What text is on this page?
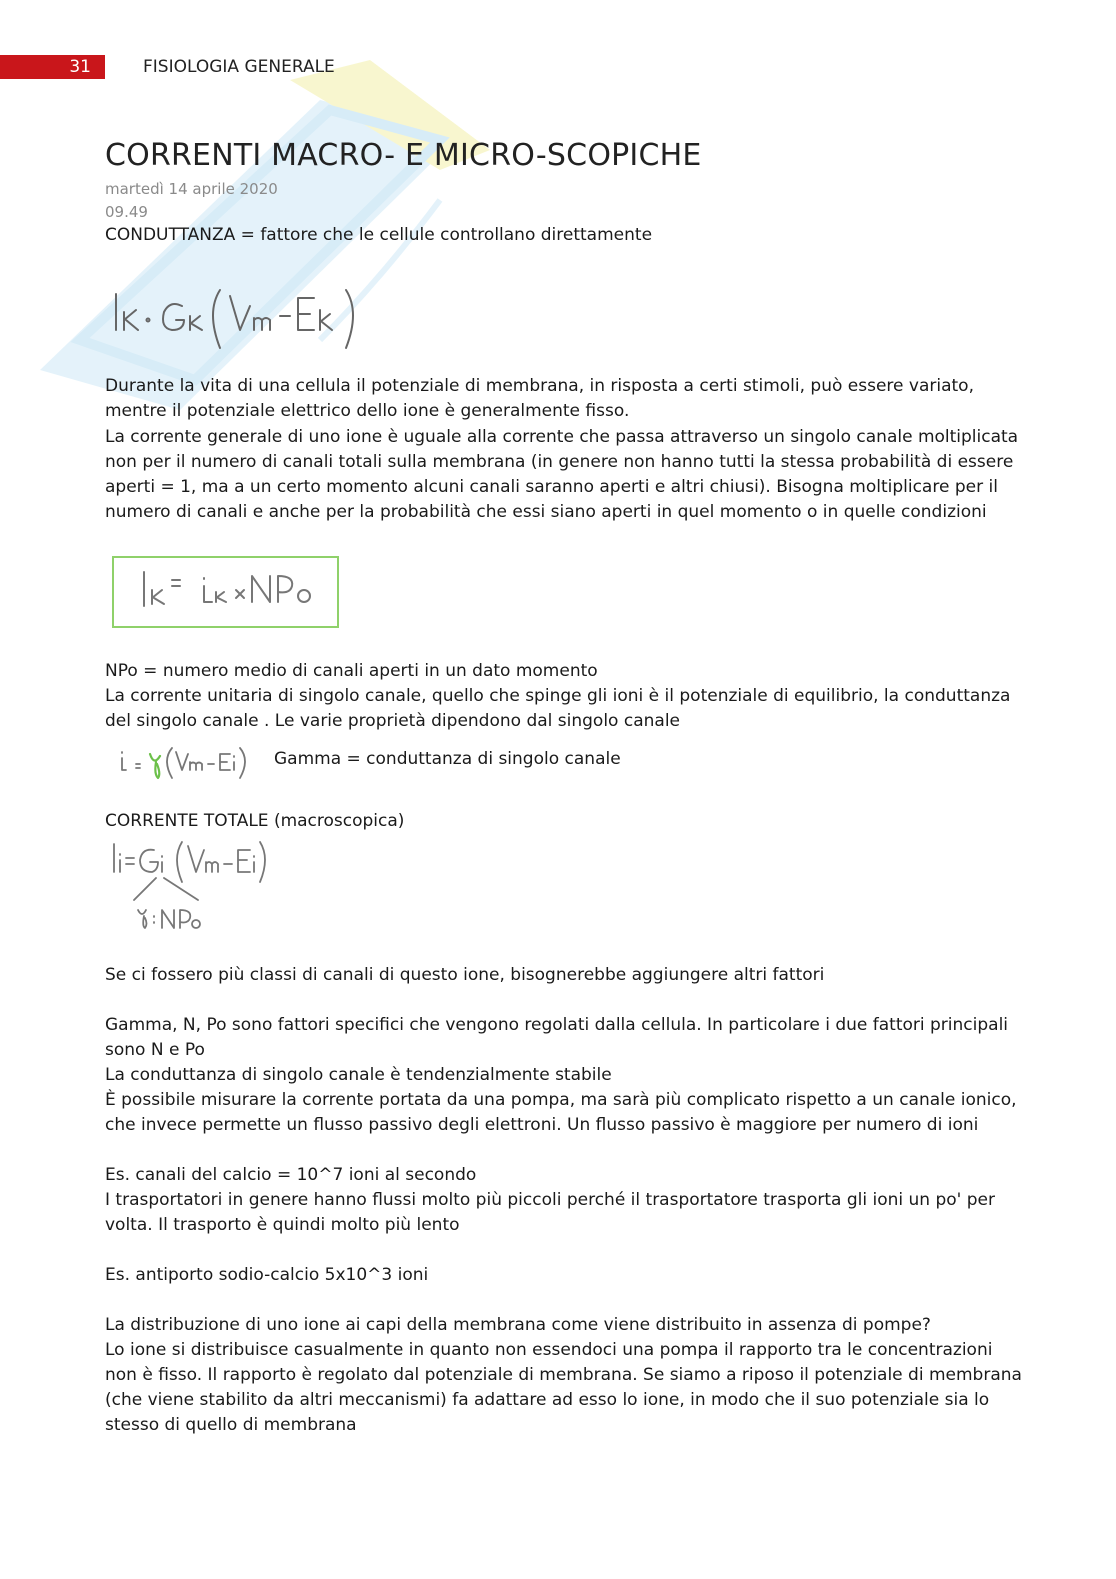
31	FISIOLOGIA GENERALE
CORRENTI MACRO- E MICRO-SCOPICHE
martedì 14 aprile 2020
09.49
CONDUTTANZA = fattore che le cellule controllano direttamente
Durante la vita di una cellula il potenziale di membrana, in risposta a certi stimoli, può essere variato,
mentre il potenziale elettrico dello ione è generalmente fisso.
La corrente generale di uno ione è uguale alla corrente che passa attraverso un singolo canale moltiplicata
non per il numero di canali totali sulla membrana (in genere non hanno tutti la stessa probabilità di essere
aperti = 1, ma a un certo momento alcuni canali saranno aperti e altri chiusi). Bisogna moltiplicare per il
numero di canali e anche per la probabilità che essi siano aperti in quel momento o in quelle condizioni
NPo = numero medio di canali aperti in un dato momento
La corrente unitaria di singolo canale, quello che spinge gli ioni è il potenziale di equilibrio, la conduttanza
del singolo canale . Le varie proprietà dipendono dal singolo canale
Gamma = conduttanza di singolo canale
CORRENTE TOTALE (macroscopica)
Se ci fossero più classi di canali di questo ione, bisognerebbe aggiungere altri fattori
Gamma, N, Po sono fattori specifici che vengono regolati dalla cellula. In particolare i due fattori principali
sono N e Po
La conduttanza di singolo canale è tendenzialmente stabile
È possibile misurare la corrente portata da una pompa, ma sarà più complicato rispetto a un canale ionico,
che invece permette un flusso passivo degli elettroni. Un flusso passivo è maggiore per numero di ioni
Es. canali del calcio = 10^7 ioni al secondo
I trasportatori in genere hanno flussi molto più piccoli perché il trasportatore trasporta gli ioni un po' per
volta. Il trasporto è quindi molto più lento
Es. antiporto sodio-calcio 5x10^3 ioni
La distribuzione di uno ione ai capi della membrana come viene distribuito in assenza di pompe?
Lo ione si distribuisce casualmente in quanto non essendoci una pompa il rapporto tra le concentrazioni
non è fisso. Il rapporto è regolato dal potenziale di membrana. Se siamo a riposo il potenziale di membrana
(che viene stabilito da altri meccanismi) fa adattare ad esso lo ione, in modo che il suo potenziale sia lo
stesso di quello di membrana
